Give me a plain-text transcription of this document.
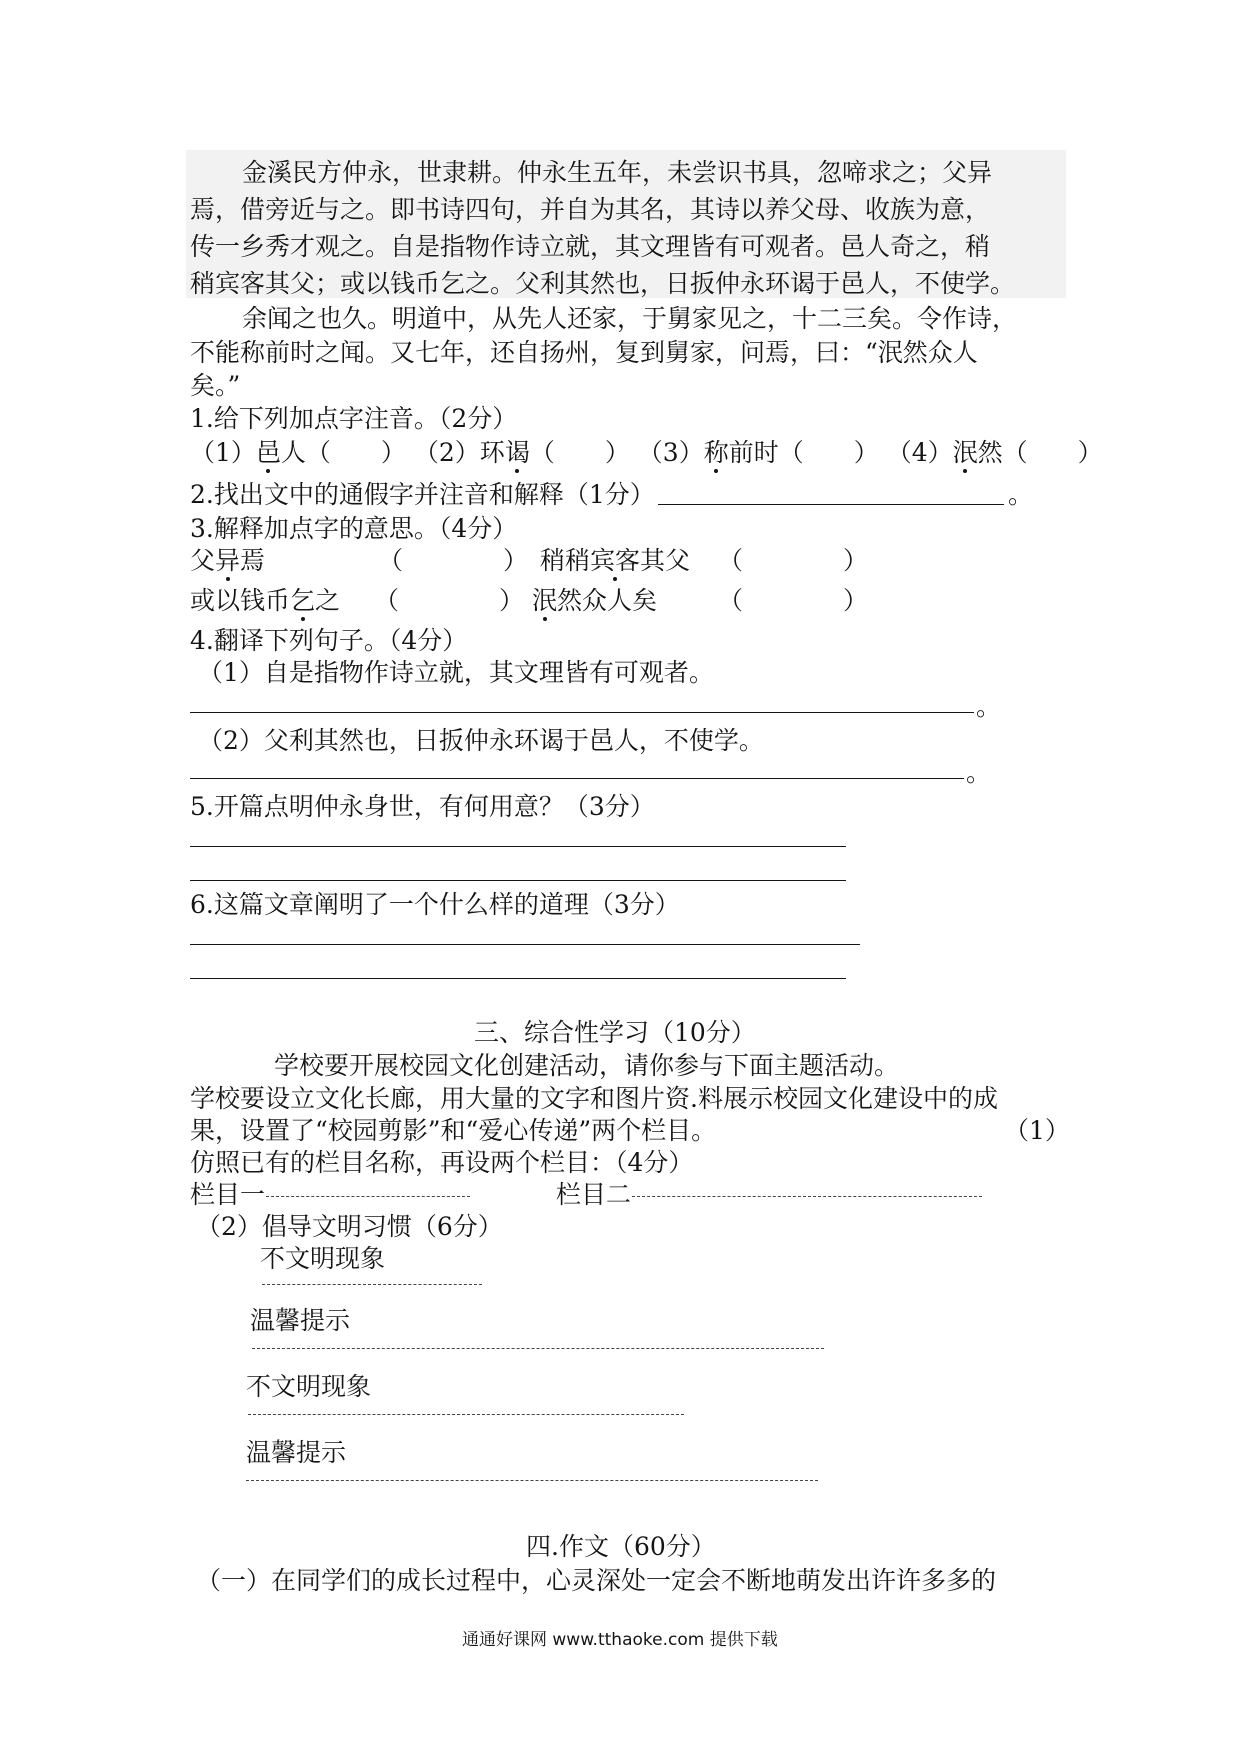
金溪民方仲永，世隶耕。仲永生五年，未尝识书具，忽啼求之；父异
焉，借旁近与之。即书诗四句，并自为其名，其诗以养父母、收族为意，
传一乡秀才观之。自是指物作诗立就，其文理皆有可观者。邑人奇之，稍
稍宾客其父；或以钱币乞之。父利其然也，日扳仲永环谒于邑人，不使学。
余闻之也久。明道中，从先人还家，于舅家见之，十二三矣。令作诗，
不能称前时之闻。又七年，还自扬州，复到舅家，问焉，曰：“泯然众人
矣。”
1.给下列加点字注音。（2分）
（1）邑人（　　） （2）环谒（　　） （3）称前时（　　） （4）泯然（　　）
2.找出文中的通假字并注音和解释（1分）	。
3.解释加点字的意思。（4分）
父异焉	（　　　　） 稍稍宾客其父 （　　　　）
或以钱币乞之 （　　　　） 泯然众人矣 （　　　　）
4.翻译下列句子。（4分）
（1）自是指物作诗立就，其文理皆有可观者。
。
（2）父利其然也，日扳仲永环谒于邑人，不使学。
。
5.开篇点明仲永身世，有何用意？（3分）
6.这篇文章阐明了一个什么样的道理（3分）
三、综合性学习（10分）
学校要开展校园文化创建活动，请你参与下面主题活动。
学校要设立文化长廊，用大量的文字和图片资.料展示校园文化建设中的成
果，设置了“校园剪影”和“爱心传递”两个栏目。	（1）
仿照已有的栏目名称，再设两个栏目：（4分）
栏目一	栏目二
（2）倡导文明习惯（6分）
不文明现象
温馨提示
不文明现象
温馨提示
四.作文（60分）
（一）在同学们的成长过程中，心灵深处一定会不断地萌发出许许多多的
通通好课网 www.tthaoke.com 提供下载
